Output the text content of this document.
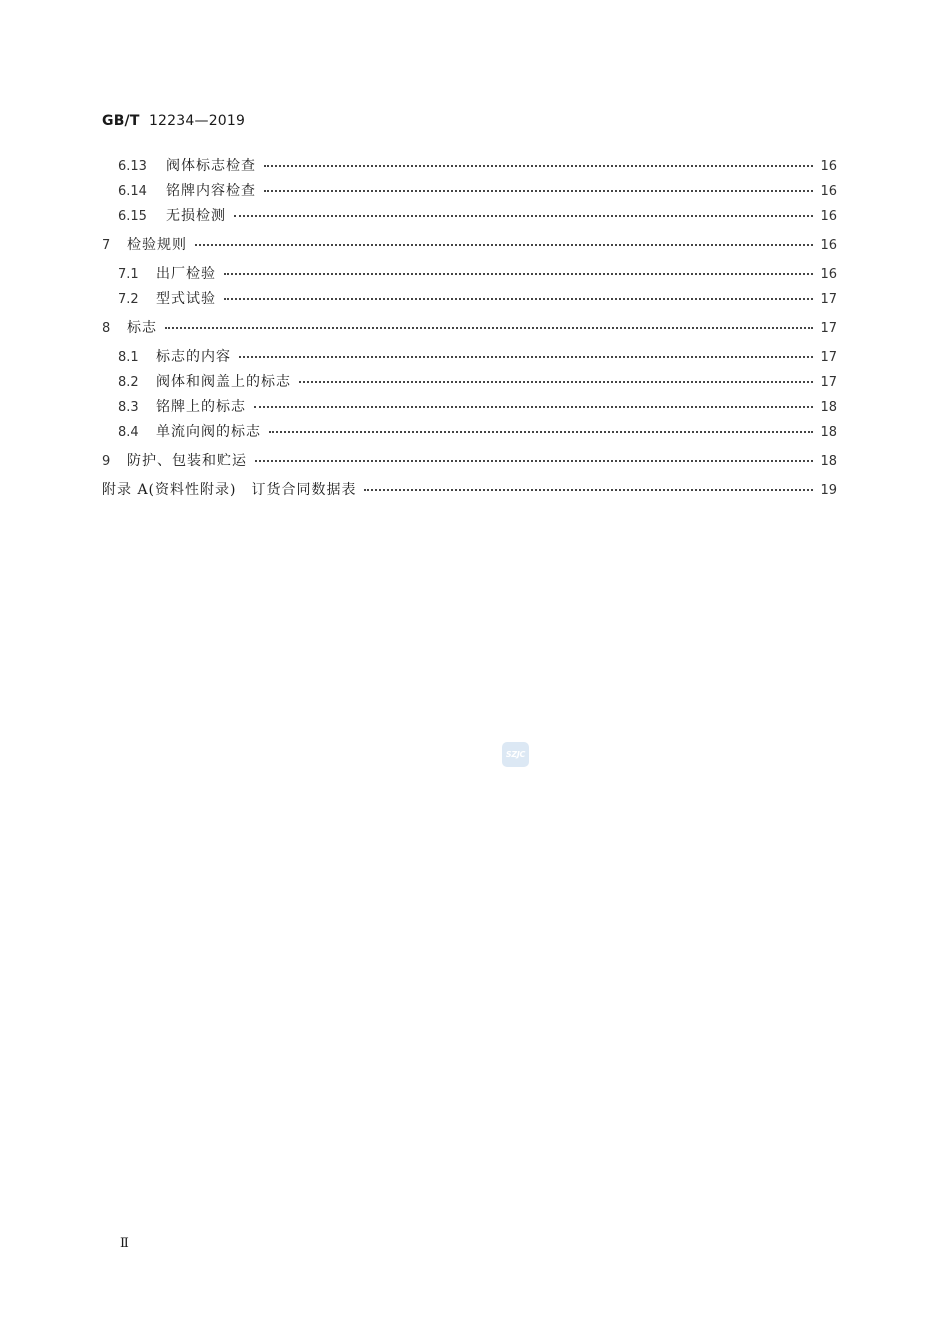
GB/T 12234—2019
6.13	阀体标志检查	16
6.14	铭牌内容检查	16
6.15	无损检测	16
7	检验规则	16
7.1	出厂检验	16
7.2	型式试验	17
8	标志	17
8.1	标志的内容	17
8.2	阀体和阀盖上的标志	17
8.3	铭牌上的标志	18
8.4	单流向阀的标志	18
9	防护、包装和贮运	18
附录 A(资料性附录)　订货合同数据表	19
SZJC
Ⅱ
